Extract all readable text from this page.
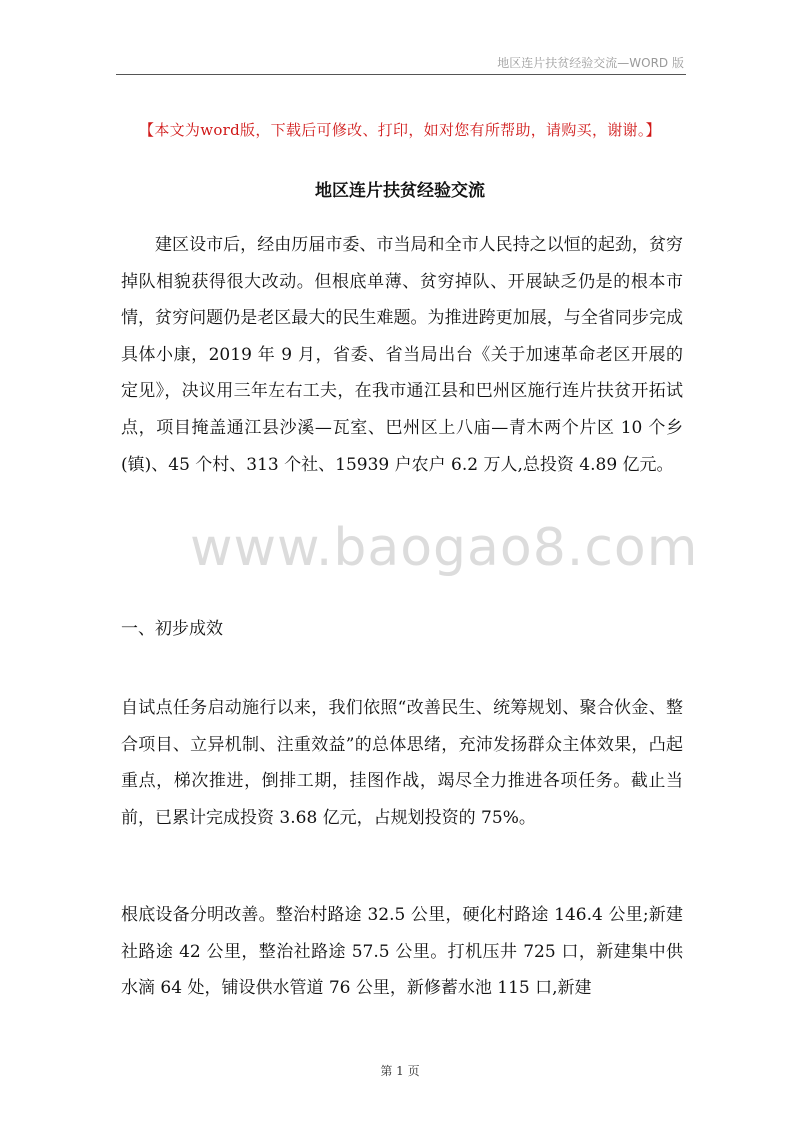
地区连片扶贫经验交流—WORD 版
【本文为word版，下载后可修改、打印，如对您有所帮助，请购买，谢谢。】
地区连片扶贫经验交流

建区设市后，经由历届市委、市当局和全市人民持之以恒的起劲，贫穷掉队相貌获得很大改动。但根底单薄、贫穷掉队、开展缺乏仍是的根本市情，贫穷问题仍是老区最大的民生难题。为推进跨更加展，与全省同步完成具体小康，2019 年 9 月，省委、省当局出台《关于加速革命老区开展的定见》，决议用三年左右工夫，在我市通江县和巴州区施行连片扶贫开拓试点，项目掩盖通江县沙溪—瓦室、巴州区上八庙—青木两个片区 10 个乡(镇)、45 个村、313 个社、15939 户农户 6.2 万人,总投资 4.89 亿元。

www.baogao8.com

一、初步成效

自试点任务启动施行以来，我们依照“改善民生、统筹规划、聚合伙金、整合项目、立异机制、注重效益”的总体思绪，充沛发扬群众主体效果，凸起重点，梯次推进，倒排工期，挂图作战，竭尽全力推进各项任务。截止当前，已累计完成投资 3.68 亿元，占规划投资的 75%。

根底设备分明改善。整治村路途 32.5 公里，硬化村路途 146.4 公里;新建社路途 42 公里，整治社路途 57.5 公里。打机压井 725 口，新建集中供水滴 64 处，铺设供水管道 76 公里，新修蓄水池 115 口,新建

第 1 页
